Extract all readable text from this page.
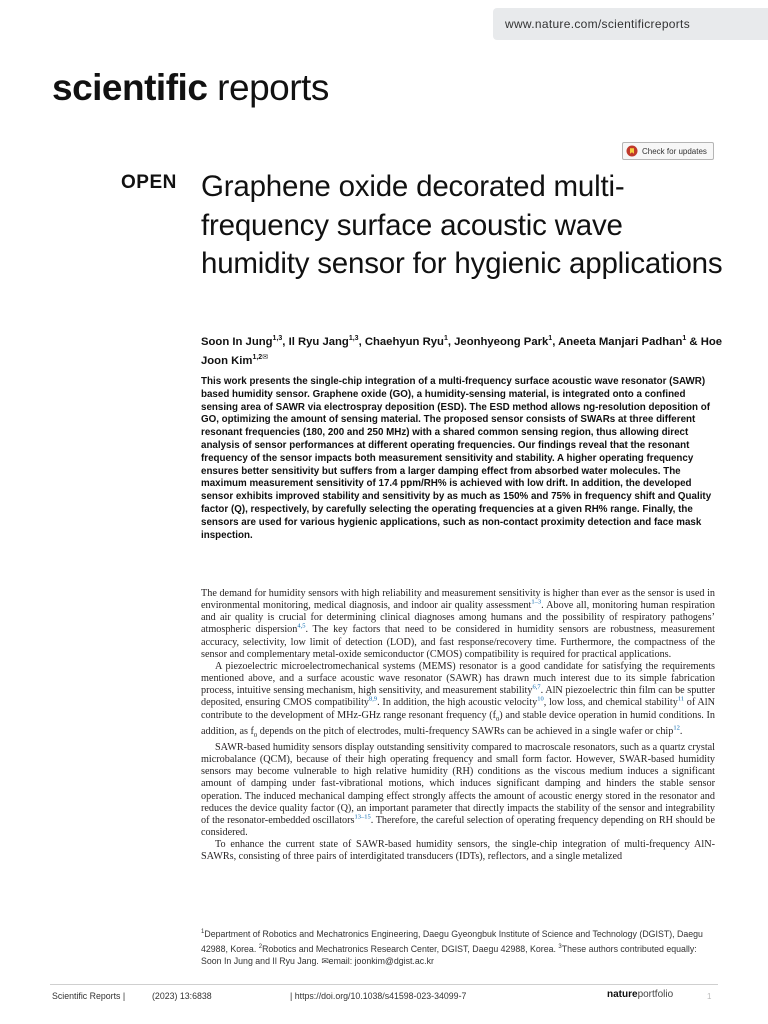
www.nature.com/scientificreports
scientific reports
Check for updates
OPEN Graphene oxide decorated multi-frequency surface acoustic wave humidity sensor for hygienic applications
Soon In Jung$^{1,3}$, Il Ryu Jang$^{1,3}$, Chaehyun Ryu$^1$, Jeonhyeong Park$^1$, Aneeta Manjari Padhan$^1$ & Hoe Joon Kim$^{1,2✉}$

This work presents the single-chip integration of a multi-frequency surface acoustic wave resonator (SAWR) based humidity sensor. Graphene oxide (GO), a humidity-sensing material, is integrated onto a confined sensing area of SAWR via electrospray deposition (ESD). The ESD method allows ng-resolution deposition of GO, optimizing the amount of sensing material. The proposed sensor consists of SWARs at three different resonant frequencies (180, 200 and 250 MHz) with a shared common sensing region, thus allowing direct analysis of sensor performances at different operating frequencies. Our findings reveal that the resonant frequency of the sensor impacts both measurement sensitivity and stability. A higher operating frequency ensures better sensitivity but suffers from a larger damping effect from absorbed water molecules. The maximum measurement sensitivity of 17.4 ppm/RH% is achieved with low drift. In addition, the developed sensor exhibits improved stability and sensitivity by as much as 150% and 75% in frequency shift and Quality factor (Q), respectively, by carefully selecting the operating frequencies at a given RH% range. Finally, the sensors are used for various hygienic applications, such as non-contact proximity detection and face mask inspection.

The demand for humidity sensors with high reliability and measurement sensitivity is higher than ever as the sensor is used in environmental monitoring, medical diagnosis, and indoor air quality assessment$^{1-3}$. Above all, monitoring human respiration and air quality is crucial for determining clinical diagnoses among humans and the possibility of respiratory pathogens’ atmospheric dispersion$^{4,5}$. The key factors that need to be considered in humidity sensors are robustness, measurement accuracy, selectivity, low limit of detection (LOD), and fast response/recovery time. Furthermore, the compactness of the sensor and complementary metal-oxide semiconductor (CMOS) compatibility is required for practical applications.

A piezoelectric microelectromechanical systems (MEMS) resonator is a good candidate for satisfying the requirements mentioned above, and a surface acoustic wave resonator (SAWR) has drawn much interest due to its simple fabrication process, intuitive sensing mechanism, high sensitivity, and measurement stability$^{6,7}$. AlN piezoelectric thin film can be sputter deposited, ensuring CMOS compatibility$^{8,9}$. In addition, the high acoustic velocity$^{10}$, low loss, and chemical stability$^{11}$ of AlN contribute to the development of MHz-GHz range resonant frequency $(f_0)$ and stable device operation in humid conditions. In addition, as $f_0$ depends on the pitch of electrodes, multi-frequency SAWRs can be achieved in a single wafer or chip$^{12}$.

SAWR-based humidity sensors display outstanding sensitivity compared to macroscale resonators, such as a quartz crystal microbalance (QCM), because of their high operating frequency and small form factor. However, SWAR-based humidity sensors may become vulnerable to high relative humidity (RH) conditions as the viscous medium induces a significant amount of damping under fast-vibrational motions, which induces significant damping and hinders the stable sensor operation. The induced mechanical damping effect strongly affects the amount of acoustic energy stored in the resonator and reduces the device quality factor (Q), an important parameter that directly impacts the stability of the sensor and integrability of the resonator-embedded oscillators$^{13-15}$. Therefore, the careful selection of operating frequency depending on RH should be considered.

To enhance the current state of SAWR-based humidity sensors, the single-chip integration of multi-frequency AlN-SAWRs, consisting of three pairs of interdigitated transducers (IDTs), reflectors, and a single metalized

$^1$Department of Robotics and Mechatronics Engineering, Daegu Gyeongbuk Institute of Science and Technology (DGIST), Daegu 42988, Korea. $^2$Robotics and Mechatronics Research Center, DGIST, Daegu 42988, Korea. $^3$These authors contributed equally: Soon In Jung and Il Ryu Jang. ✉email: joonkim@dgist.ac.kr
Scientific Reports |	(2023) 13:6838	| https://doi.org/10.1038/s41598-023-34099-7	natureportfolio	1
